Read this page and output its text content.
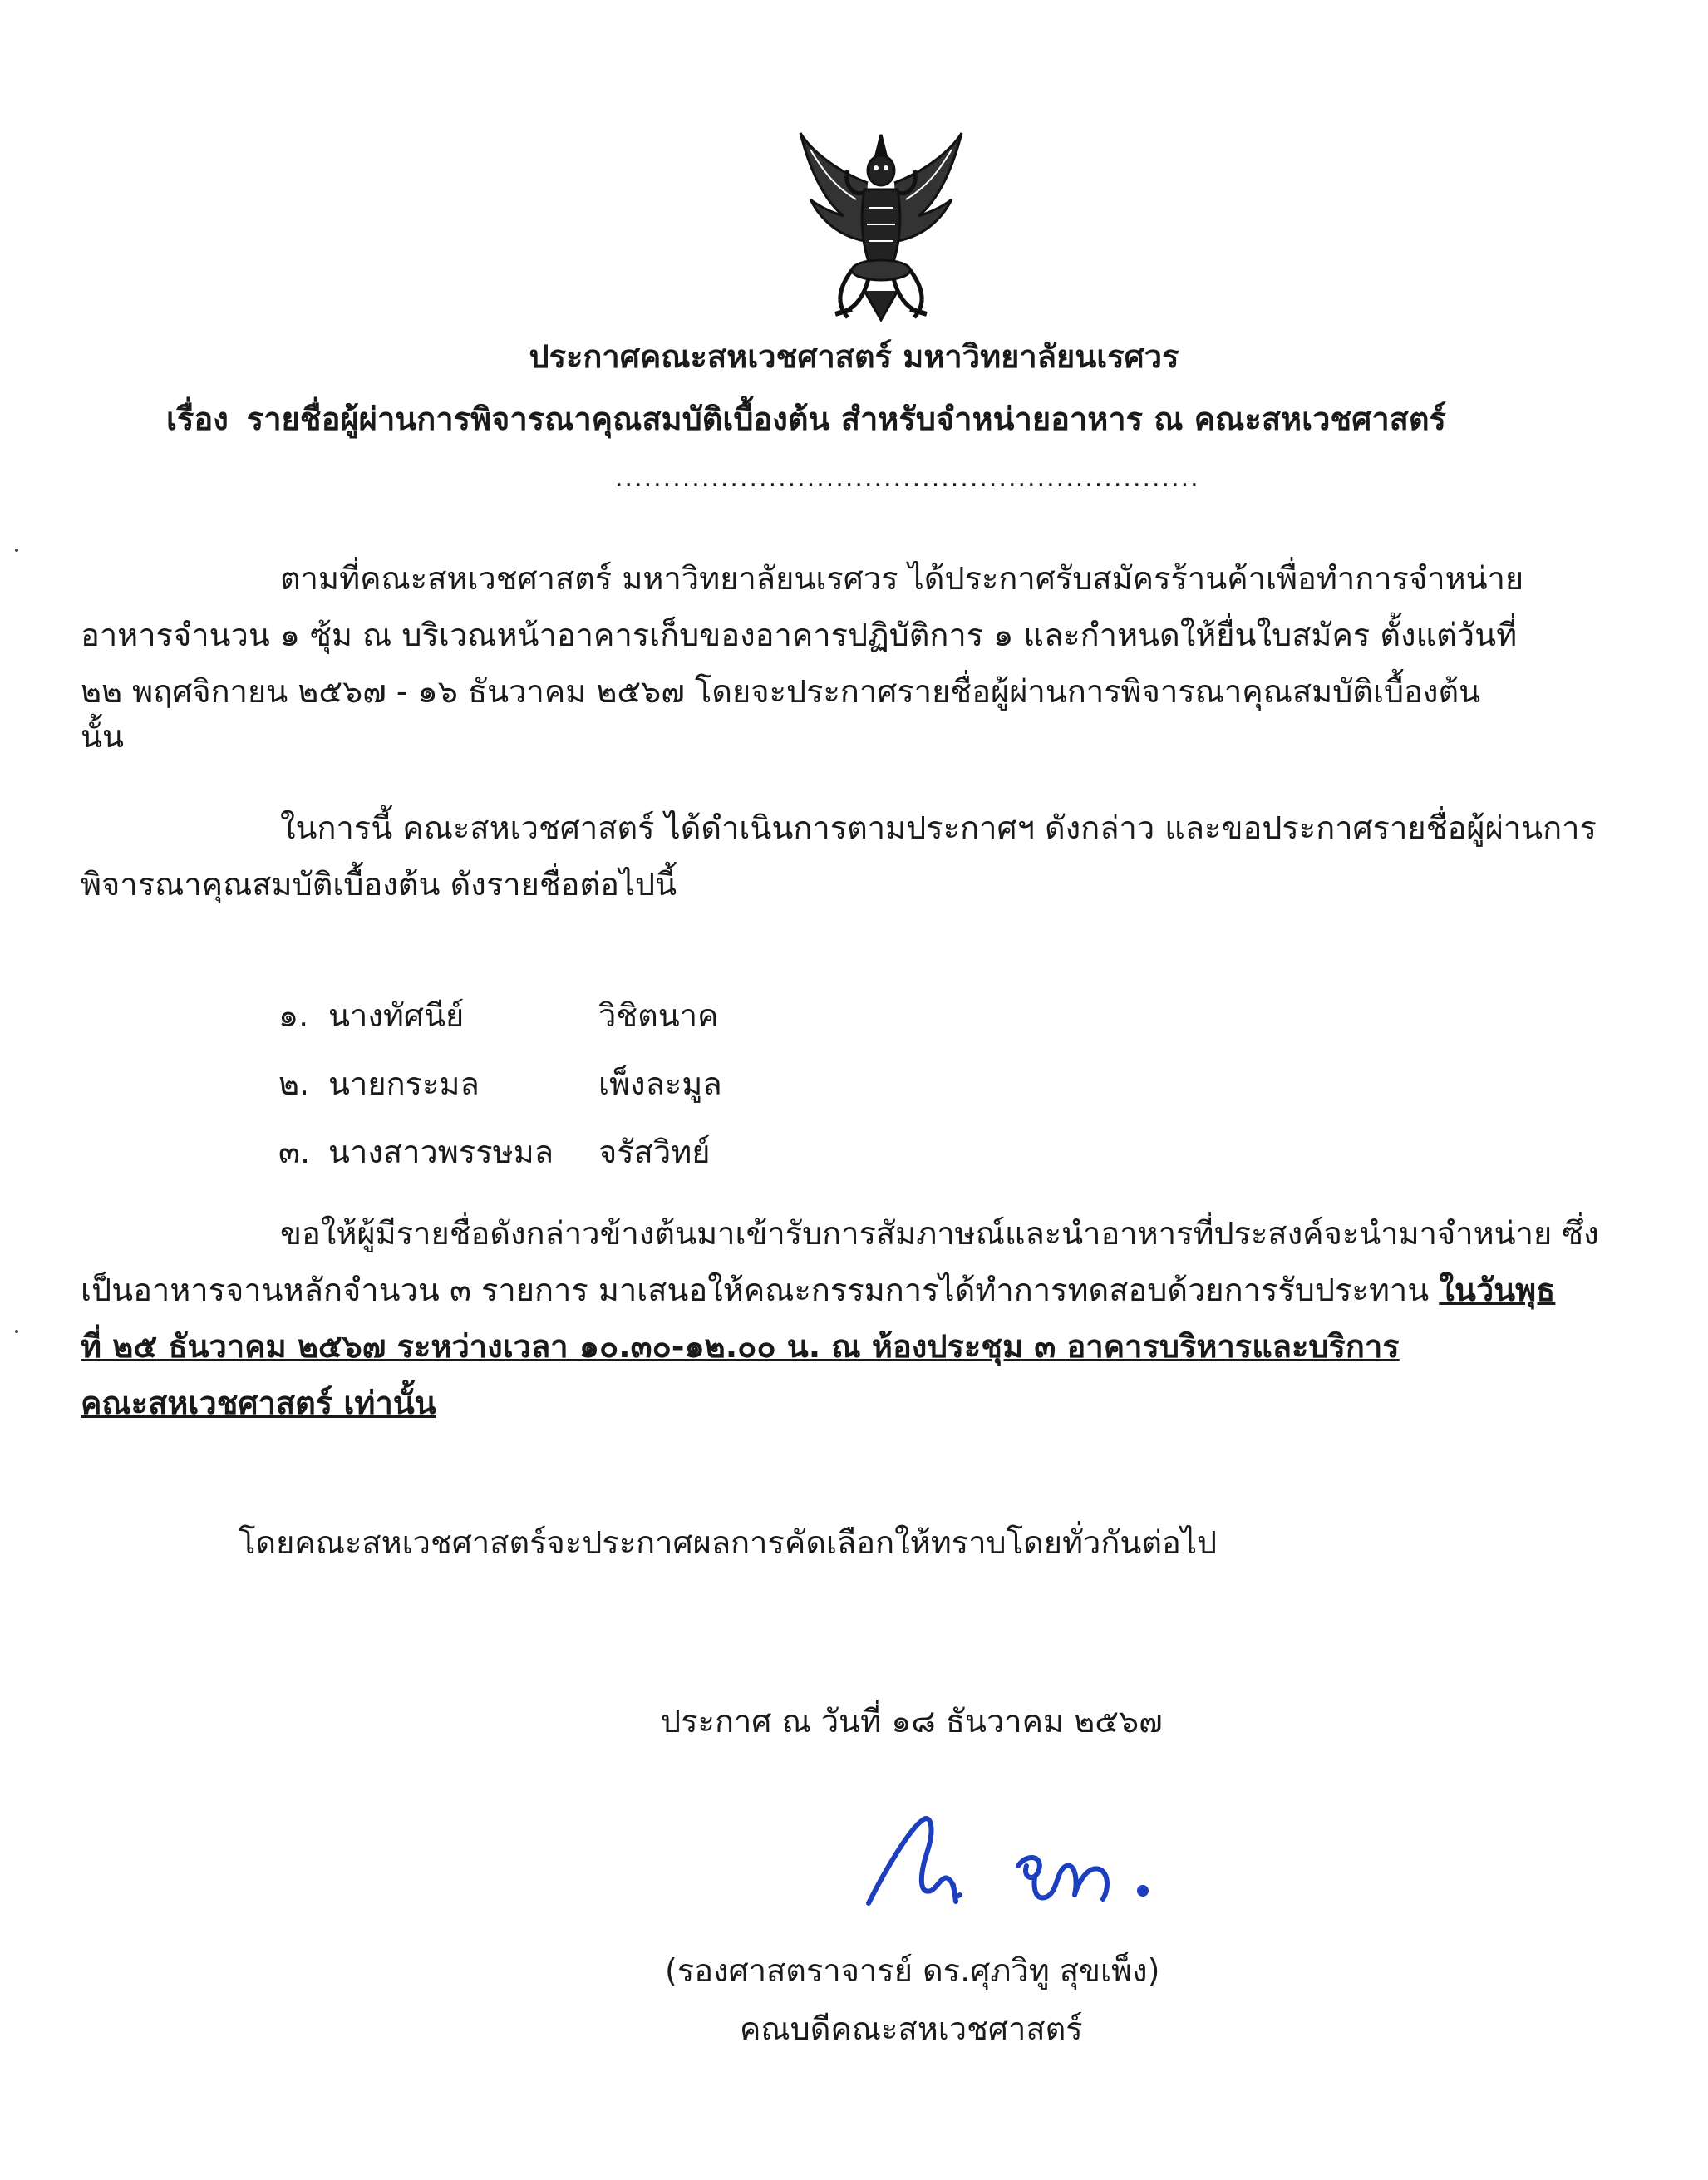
ประกาศคณะสหเวชศาสตร์ มหาวิทยาลัยนเรศวร
เรื่อง รายชื่อผู้ผ่านการพิจารณาคุณสมบัติเบื้องต้น สำหรับจำหน่ายอาหาร ณ คณะสหเวชศาสตร์
.............................................................
ตามที่คณะสหเวชศาสตร์ มหาวิทยาลัยนเรศวร ได้ประกาศรับสมัครร้านค้าเพื่อทำการจำหน่าย
อาหารจำนวน ๑ ซุ้ม ณ บริเวณหน้าอาคารเก็บของอาคารปฏิบัติการ ๑ และกำหนดให้ยื่นใบสมัคร ตั้งแต่วันที่
๒๒ พฤศจิกายน ๒๕๖๗ - ๑๖ ธันวาคม ๒๕๖๗ โดยจะประกาศรายชื่อผู้ผ่านการพิจารณาคุณสมบัติเบื้องต้น
นั้น
ในการนี้ คณะสหเวชศาสตร์ ได้ดำเนินการตามประกาศฯ ดังกล่าว และขอประกาศรายชื่อผู้ผ่านการ
พิจารณาคุณสมบัติเบื้องต้น ดังรายชื่อต่อไปนี้
๑. นางทัศนีย์	วิชิตนาค
๒. นายกระมล	เพ็งละมูล
๓. นางสาวพรรษมล	จรัสวิทย์
ขอให้ผู้มีรายชื่อดังกล่าวข้างต้นมาเข้ารับการสัมภาษณ์และนำอาหารที่ประสงค์จะนำมาจำหน่าย ซึ่ง
เป็นอาหารจานหลักจำนวน ๓ รายการ มาเสนอให้คณะกรรมการได้ทำการทดสอบด้วยการรับประทาน ในวันพุธ
ที่ ๒๕ ธันวาคม ๒๕๖๗ ระหว่างเวลา ๑๐.๓๐-๑๒.๐๐ น. ณ ห้องประชุม ๓ อาคารบริหารและบริการ
คณะสหเวชศาสตร์ เท่านั้น
โดยคณะสหเวชศาสตร์จะประกาศผลการคัดเลือกให้ทราบโดยทั่วกันต่อไป
ประกาศ ณ วันที่ ๑๘ ธันวาคม ๒๕๖๗
(รองศาสตราจารย์ ดร.ศุภวิทู สุขเพ็ง)
คณบดีคณะสหเวชศาสตร์
